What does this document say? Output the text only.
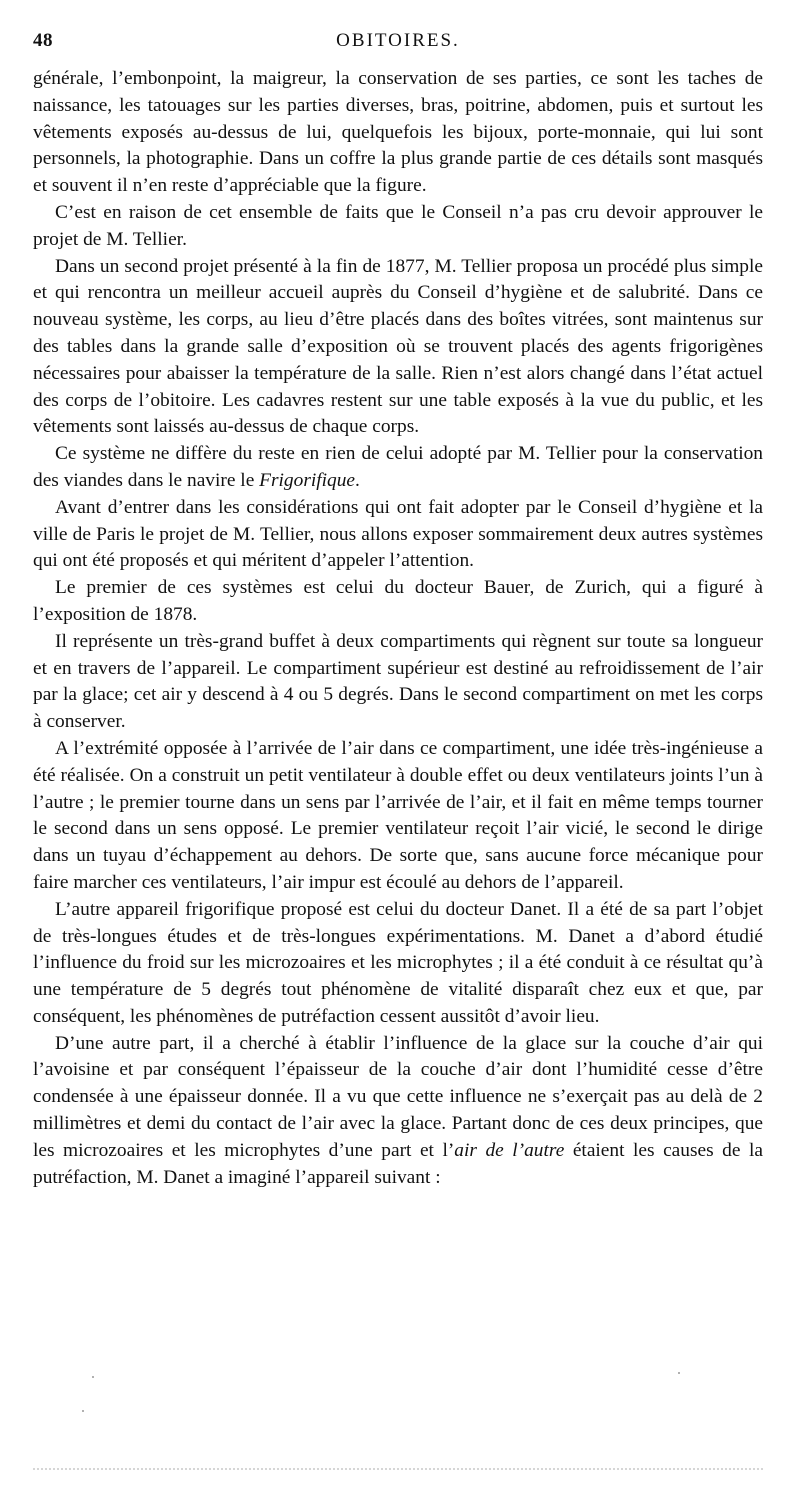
48	OBITOIRES.

générale, l’embonpoint, la maigreur, la conservation de ses parties, ce sont les taches de naissance, les tatouages sur les parties diverses, bras, poitrine, abdomen, puis et surtout les vêtements exposés au-dessus de lui, quelquefois les bijoux, porte-monnaie, qui lui sont personnels, la photographie. Dans un coffre la plus grande partie de ces détails sont masqués et souvent il n’en reste d’appréciable que la figure.

C’est en raison de cet ensemble de faits que le Conseil n’a pas cru devoir approuver le projet de M. Tellier.

Dans un second projet présenté à la fin de 1877, M. Tellier proposa un procédé plus simple et qui rencontra un meilleur accueil auprès du Conseil d’hygiène et de salubrité. Dans ce nouveau système, les corps, au lieu d’être placés dans des boîtes vitrées, sont maintenus sur des tables dans la grande salle d’exposition où se trouvent placés des agents frigorigènes nécessaires pour abaisser la température de la salle. Rien n’est alors changé dans l’état actuel des corps de l’obitoire. Les cadavres restent sur une table exposés à la vue du public, et les vêtements sont laissés au-dessus de chaque corps.

Ce système ne diffère du reste en rien de celui adopté par M. Tellier pour la conservation des viandes dans le navire le Frigorifique.

Avant d’entrer dans les considérations qui ont fait adopter par le Conseil d’hygiène et la ville de Paris le projet de M. Tellier, nous allons exposer sommairement deux autres systèmes qui ont été proposés et qui méritent d’appeler l’attention.

Le premier de ces systèmes est celui du docteur Bauer, de Zurich, qui a figuré à l’exposition de 1878.

Il représente un très-grand buffet à deux compartiments qui règnent sur toute sa longueur et en travers de l’appareil. Le compartiment supérieur est destiné au refroidissement de l’air par la glace; cet air y descend à 4 ou 5 degrés. Dans le second compartiment on met les corps à conserver.

A l’extrémité opposée à l’arrivée de l’air dans ce compartiment, une idée très-ingénieuse a été réalisée. On a construit un petit ventilateur à double effet ou deux ventilateurs joints l’un à l’autre ; le premier tourne dans un sens par l’arrivée de l’air, et il fait en même temps tourner le second dans un sens opposé. Le premier ventilateur reçoit l’air vicié, le second le dirige dans un tuyau d’échappement au dehors. De sorte que, sans aucune force mécanique pour faire marcher ces ventilateurs, l’air impur est écoulé au dehors de l’appareil.

L’autre appareil frigorifique proposé est celui du docteur Danet. Il a été de sa part l’objet de très-longues études et de très-longues expérimentations. M. Danet a d’abord étudié l’influence du froid sur les microzoaires et les microphytes ; il a été conduit à ce résultat qu’à une température de 5 degrés tout phénomène de vitalité disparaît chez eux et que, par conséquent, les phénomènes de putréfaction cessent aussitôt d’avoir lieu.

D’une autre part, il a cherché à établir l’influence de la glace sur la couche d’air qui l’avoisine et par conséquent l’épaisseur de la couche d’air dont l’humidité cesse d’être condensée à une épaisseur donnée. Il a vu que cette influence ne s’exerçait pas au delà de 2 millimètres et demi du contact de l’air avec la glace. Partant donc de ces deux principes, que les microzoaires et les microphytes d’une part et l’air de l’autre étaient les causes de la putréfaction, M. Danet a imaginé l’appareil suivant :
